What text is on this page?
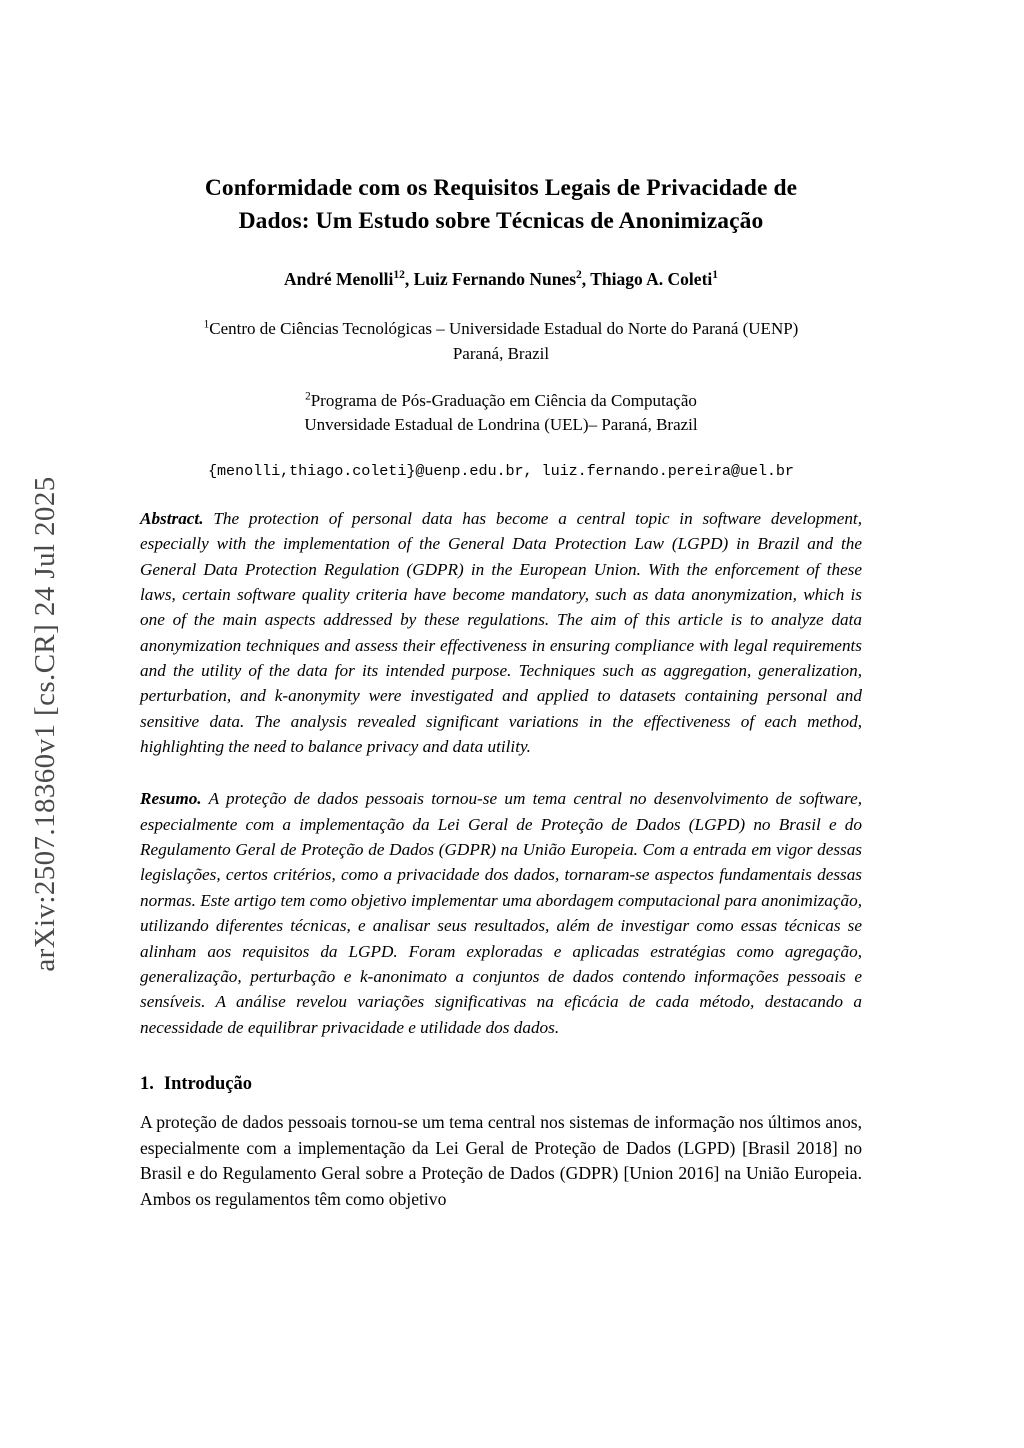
arXiv:2507.18360v1 [cs.CR] 24 Jul 2025
Conformidade com os Requisitos Legais de Privacidade de
Dados: Um Estudo sobre Técnicas de Anonimização
André Menolli$^{12}$, Luiz Fernando Nunes$^2$, Thiago A. Coleti$^1$
$^1$Centro de Ciências Tecnológicas – Universidade Estadual do Norte do Paraná (UENP)
Paraná, Brazil
$^2$Programa de Pós-Graduação em Ciência da Computação
Unversidade Estadual de Londrina (UEL)– Paraná, Brazil
{menolli,thiago.coleti}@uenp.edu.br, luiz.fernando.pereira@uel.br
Abstract. The protection of personal data has become a central topic in software development, especially with the implementation of the General Data Protection Law (LGPD) in Brazil and the General Data Protection Regulation (GDPR) in the European Union. With the enforcement of these laws, certain software quality criteria have become mandatory, such as data anonymization, which is one of the main aspects addressed by these regulations. The aim of this article is to analyze data anonymization techniques and assess their effectiveness in ensuring compliance with legal requirements and the utility of the data for its intended purpose. Techniques such as aggregation, generalization, perturbation, and k-anonymity were investigated and applied to datasets containing personal and sensitive data. The analysis revealed significant variations in the effectiveness of each method, highlighting the need to balance privacy and data utility.
Resumo. A proteção de dados pessoais tornou-se um tema central no desenvolvimento de software, especialmente com a implementação da Lei Geral de Proteção de Dados (LGPD) no Brasil e do Regulamento Geral de Proteção de Dados (GDPR) na União Europeia. Com a entrada em vigor dessas legislações, certos critérios, como a privacidade dos dados, tornaram-se aspectos fundamentais dessas normas. Este artigo tem como objetivo implementar uma abordagem computacional para anonimização, utilizando diferentes técnicas, e analisar seus resultados, além de investigar como essas técnicas se alinham aos requisitos da LGPD. Foram exploradas e aplicadas estratégias como agregação, generalização, perturbação e k-anonimato a conjuntos de dados contendo informações pessoais e sensíveis. A análise revelou variações significativas na eficácia de cada método, destacando a necessidade de equilibrar privacidade e utilidade dos dados.
1. Introdução

A proteção de dados pessoais tornou-se um tema central nos sistemas de informação nos últimos anos, especialmente com a implementação da Lei Geral de Proteção de Dados (LGPD) [Brasil 2018] no Brasil e do Regulamento Geral sobre a Proteção de Dados (GDPR) [Union 2016] na União Europeia. Ambos os regulamentos têm como objetivo
